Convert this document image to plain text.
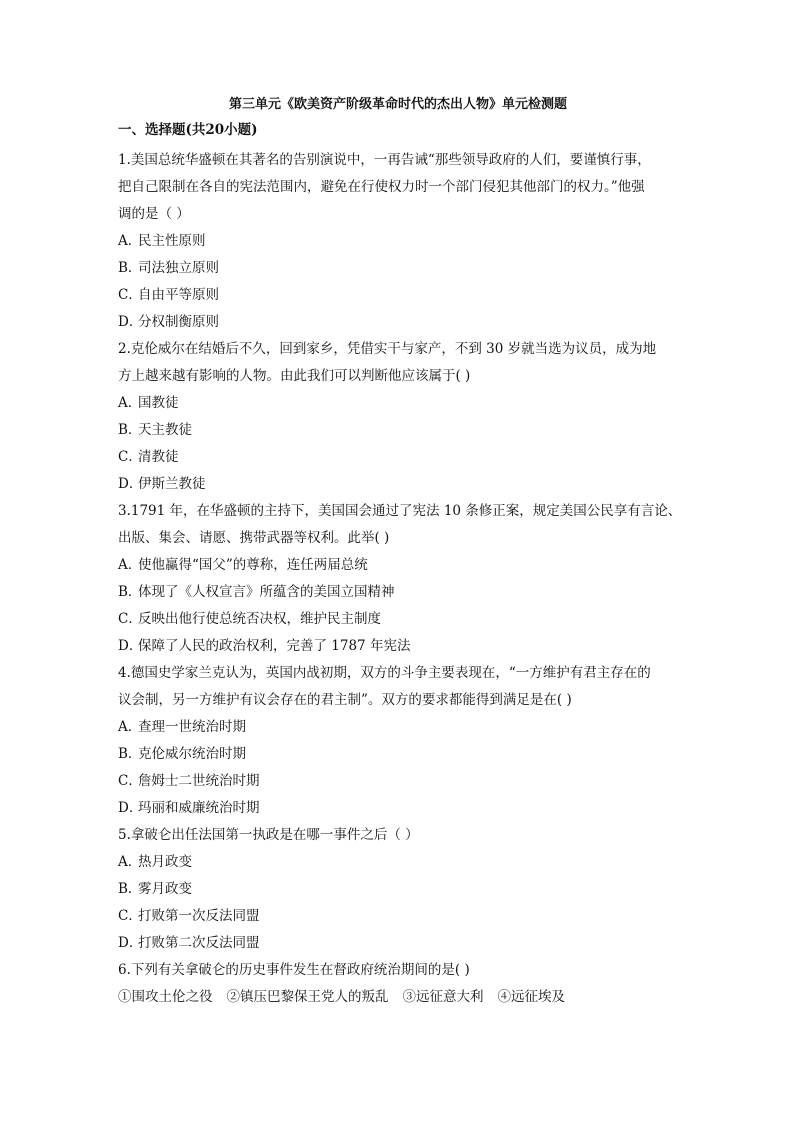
第三单元《欧美资产阶级革命时代的杰出人物》单元检测题
一、选择题(共20小题)
1.美国总统华盛顿在其著名的告别演说中，一再告诫“那些领导政府的人们，要谨慎行事，
把自己限制在各自的宪法范围内，避免在行使权力时一个部门侵犯其他部门的权力。”他强
调的是（ ）
A．民主性原则
B．司法独立原则
C．自由平等原则
D．分权制衡原则
2.克伦威尔在结婚后不久，回到家乡，凭借实干与家产，不到 30 岁就当选为议员，成为地
方上越来越有影响的人物。由此我们可以判断他应该属于( )
A．国教徒
B．天主教徒
C．清教徒
D．伊斯兰教徒
3.1791 年，在华盛顿的主持下，美国国会通过了宪法 10 条修正案，规定美国公民享有言论、
出版、集会、请愿、携带武器等权利。此举( )
A．使他赢得“国父”的尊称，连任两届总统
B．体现了《人权宣言》所蕴含的美国立国精神
C．反映出他行使总统否决权，维护民主制度
D．保障了人民的政治权利，完善了 1787 年宪法
4.德国史学家兰克认为，英国内战初期，双方的斗争主要表现在，“一方维护有君主存在的
议会制，另一方维护有议会存在的君主制”。双方的要求都能得到满足是在( )
A．查理一世统治时期
B．克伦威尔统治时期
C．詹姆士二世统治时期
D．玛丽和威廉统治时期
5.拿破仑出任法国第一执政是在哪一事件之后（ ）
A．热月政变
B．雾月政变
C．打败第一次反法同盟
D．打败第二次反法同盟
6.下列有关拿破仑的历史事件发生在督政府统治期间的是( )
①围攻土伦之役 ②镇压巴黎保王党人的叛乱 ③远征意大利 ④远征埃及
